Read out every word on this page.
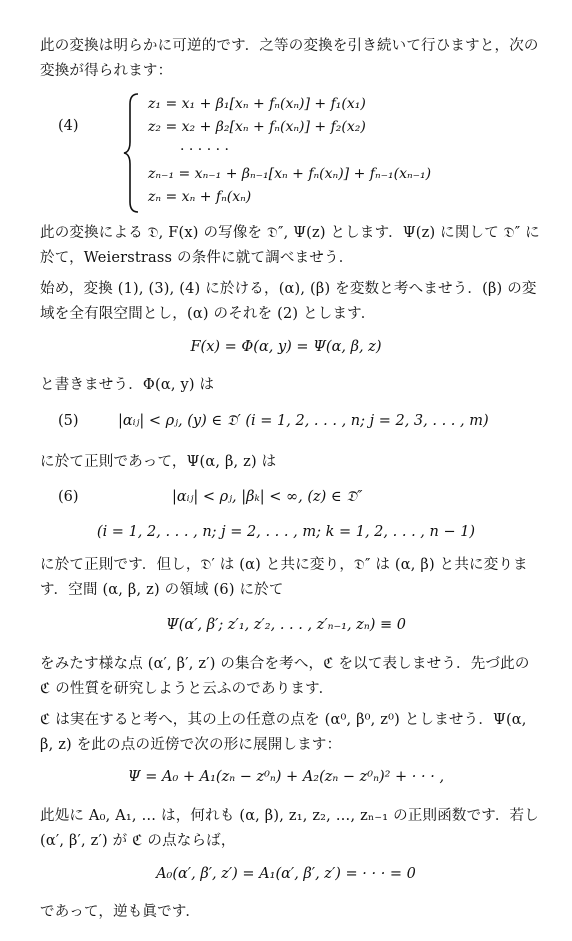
此の変換は明らかに可逆的です．之等の変換を引き続いて行ひますと，次の変換が得られます：
(4)
z₁ = x₁ + β₁[xₙ + fₙ(xₙ)] + f₁(x₁)
z₂ = x₂ + β₂[xₙ + fₙ(xₙ)] + f₂(x₂)
· · · · · ·
zₙ₋₁ = xₙ₋₁ + βₙ₋₁[xₙ + fₙ(xₙ)] + fₙ₋₁(xₙ₋₁)
zₙ = xₙ + fₙ(xₙ)
此の変換による 𝔇, F(x) の写像を 𝔇″, Ψ(z) とします．Ψ(z) に関して 𝔇″ に於て，Weierstrass の条件に就て調べませう．
始め，変換 (1), (3), (4) に於ける，(α), (β) を変数と考へませう．(β) の変域を全有限空間とし，(α) のそれを (2) とします．
F(x) = Φ(α, y) = Ψ(α, β, z)
と書きませう．Φ(α, y) は
(5)	|αᵢⱼ| < ρⱼ, (y) ∈ 𝔇′ (i = 1, 2, . . . , n; j = 2, 3, . . . , m)
に於て正則であって，Ψ(α, β, z) は
(6)	|αᵢⱼ| < ρⱼ, |βₖ| < ∞, (z) ∈ 𝔇″
(i = 1, 2, . . . , n; j = 2, . . . , m; k = 1, 2, . . . , n − 1)
に於て正則です．但し，𝔇′ は (α) と共に変り，𝔇″ は (α, β) と共に変ります．空間 (α, β, z) の領域 (6) に於て
Ψ(α′, β′; z′₁, z′₂, . . . , z′ₙ₋₁, zₙ) ≡ 0
をみたす様な点 (α′, β′, z′) の集合を考へ，ℭ を以て表しませう．先づ此の ℭ の性質を研究しようと云ふのであります．
ℭ は実在すると考へ，其の上の任意の点を (α⁰, β⁰, z⁰) としませう．Ψ(α, β, z) を此の点の近傍で次の形に展開します：
Ψ = A₀ + A₁(zₙ − z⁰ₙ) + A₂(zₙ − z⁰ₙ)² + · · · ,
此処に A₀, A₁, … は，何れも (α, β), z₁, z₂, …, zₙ₋₁ の正則函数です．若し (α′, β′, z′) が ℭ の点ならば，
A₀(α′, β′, z′) = A₁(α′, β′, z′) = · · · = 0
であって，逆も眞です．
